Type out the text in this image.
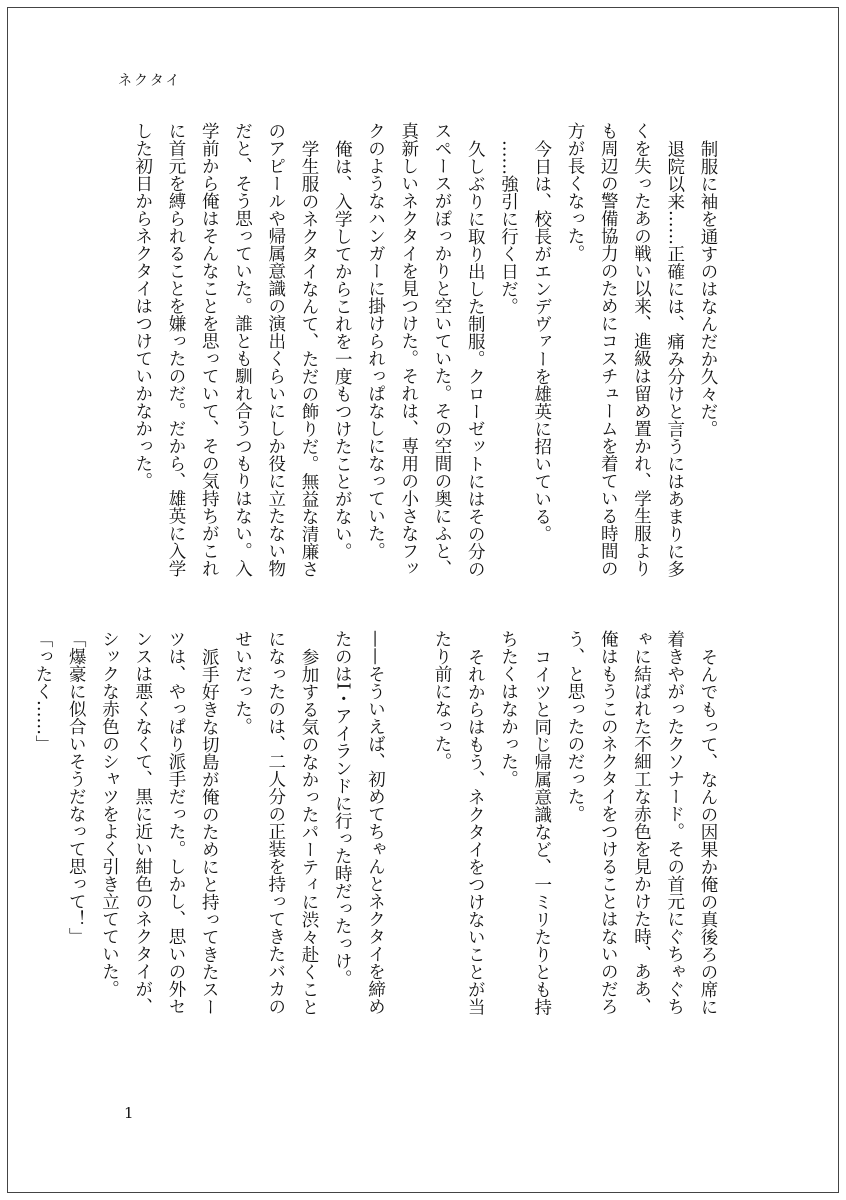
ネクタイ

制服に袖を通すのはなんだか久々だ。

退院以来……正確には、痛み分けと言うにはあまりに多くを失ったあの戦い以来、進級は留め置かれ、学生服よりも周辺の警備協力のためにコスチュームを着ている時間の方が長くなった。

今日は、校長がエンデヴァーを雄英に招いている。

……強引に行く日だ。

久しぶりに取り出した制服。クローゼットにはその分のスペースがぽっかりと空いていた。その空間の奥にふと、真新しいネクタイを見つけた。それは、専用の小さなフックのようなハンガーに掛けられっぱなしになっていた。

俺は、入学してからこれを一度もつけたことがない。

学生服のネクタイなんて、ただの飾りだ。無益な清廉さのアピールや帰属意識の演出くらいにしか役に立たない物だと、そう思っていた。誰とも馴れ合うつもりはない。入学前から俺はそんなことを思っていて、その気持ちがこれに首元を縛られることを嫌ったのだ。だから、雄英に入学した初日からネクタイはつけていかなかった。

そんでもって、なんの因果か俺の真後ろの席に着きやがったクソナード。その首元にぐちゃぐちゃに結ばれた不細工な赤色を見かけた時、ああ、俺はもうこのネクタイをつけることはないのだろう、と思ったのだった。

コイツと同じ帰属意識など、一ミリたりとも持ちたくはなかった。

それからはもう、ネクタイをつけないことが当たり前になった。

——そういえば、初めてちゃんとネクタイを締めたのはI・アイランドに行った時だったっけ。

参加する気のなかったパーティに渋々赴くことになったのは、二人分の正装を持ってきたバカのせいだった。

派手好きな切島が俺のためにと持ってきたスーツは、やっぱり派手だった。しかし、思いの外センスは悪くなくて、黒に近い紺色のネクタイが、シックな赤色のシャツをよく引き立てていた。

「爆豪に似合いそうだなって思って！」

「ったく……」

1
